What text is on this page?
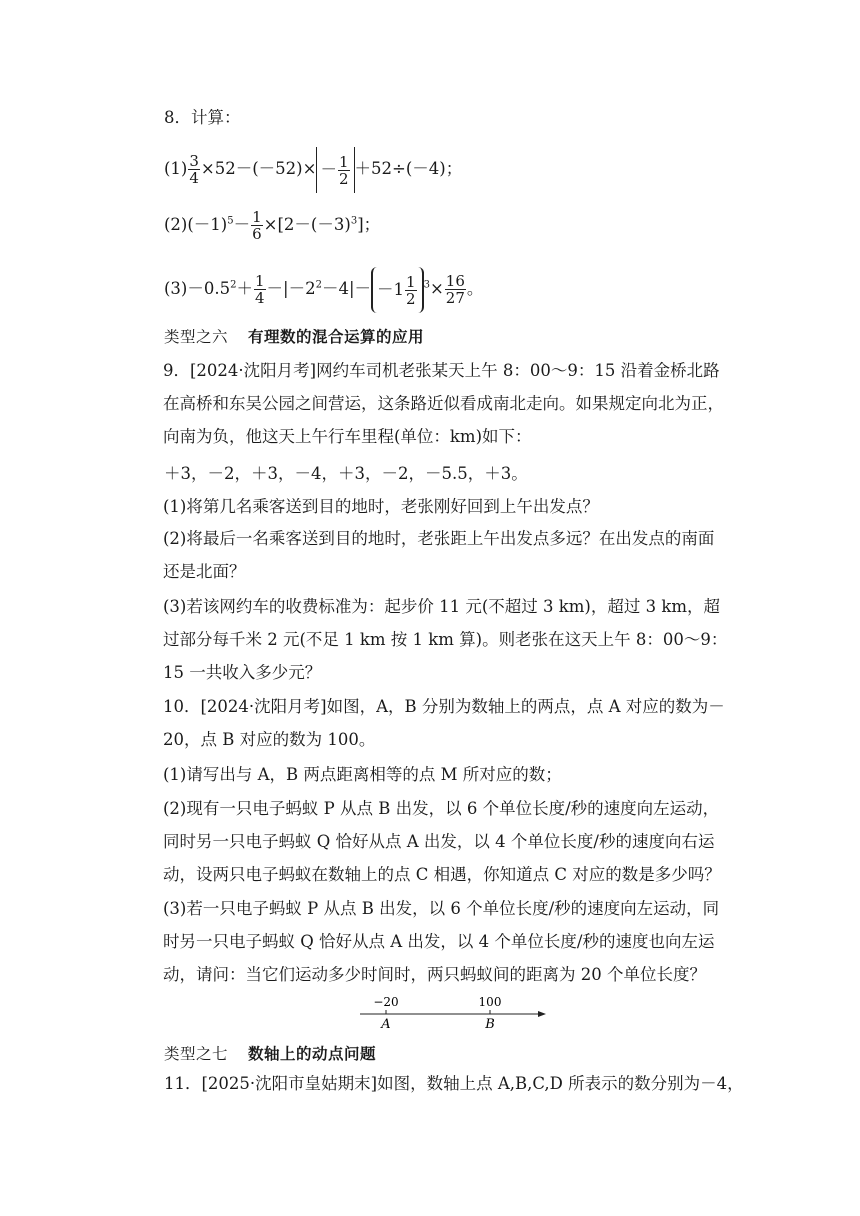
8．计算：
$(1) \frac{3}{4} \times 52-(-52)\times - \frac{1}{2} +52\div(-4)$；
$(2)(-1)^5- \frac{1}{6} \times[2-(-3)^3]$；
$(3)-0.5^2+ \frac{1}{4} -|-2^2-4|- -1 \frac{1}{2} ^3\times \frac{16}{27}$ 。
类型之六 有理数的混合运算的应用
9．[2024·沈阳月考]网约车司机老张某天上午 8：00～9：15 沿着金桥北路在高桥和东吴公园之间营运，这条路近似看成南北走向。如果规定向北为正，向南为负，他这天上午行车里程(单位：km)如下：
＋3，－2，＋3，－4，＋3，－2，－5.5，＋3。
(1)将第几名乘客送到目的地时，老张刚好回到上午出发点？
(2)将最后一名乘客送到目的地时，老张距上午出发点多远？在出发点的南面还是北面？
(3)若该网约车的收费标准为：起步价 11 元(不超过 3 km)，超过 3 km，超过部分每千米 2 元(不足 1 km 按 1 km 算)。则老张在这天上午 8：00～9：15 一共收入多少元？
10．[2024·沈阳月考]如图，A，B 分别为数轴上的两点，点 A 对应的数为－20，点 B 对应的数为 100。
(1)请写出与 A，B 两点距离相等的点 M 所对应的数；
(2)现有一只电子蚂蚁 P 从点 B 出发，以 6 个单位长度/秒的速度向左运动，同时另一只电子蚂蚁 Q 恰好从点 A 出发，以 4 个单位长度/秒的速度向右运动，设两只电子蚂蚁在数轴上的点 C 相遇，你知道点 C 对应的数是多少吗？
(3)若一只电子蚂蚁 P 从点 B 出发，以 6 个单位长度/秒的速度向左运动，同时另一只电子蚂蚁 Q 恰好从点 A 出发，以 4 个单位长度/秒的速度也向左运动，请问：当它们运动多少时间时，两只蚂蚁间的距离为 20 个单位长度？
−20	100
A	B
类型之七 数轴上的动点问题
11．[2025·沈阳市皇姑期末]如图，数轴上点 A,B,C,D 所表示的数分别为－4，
